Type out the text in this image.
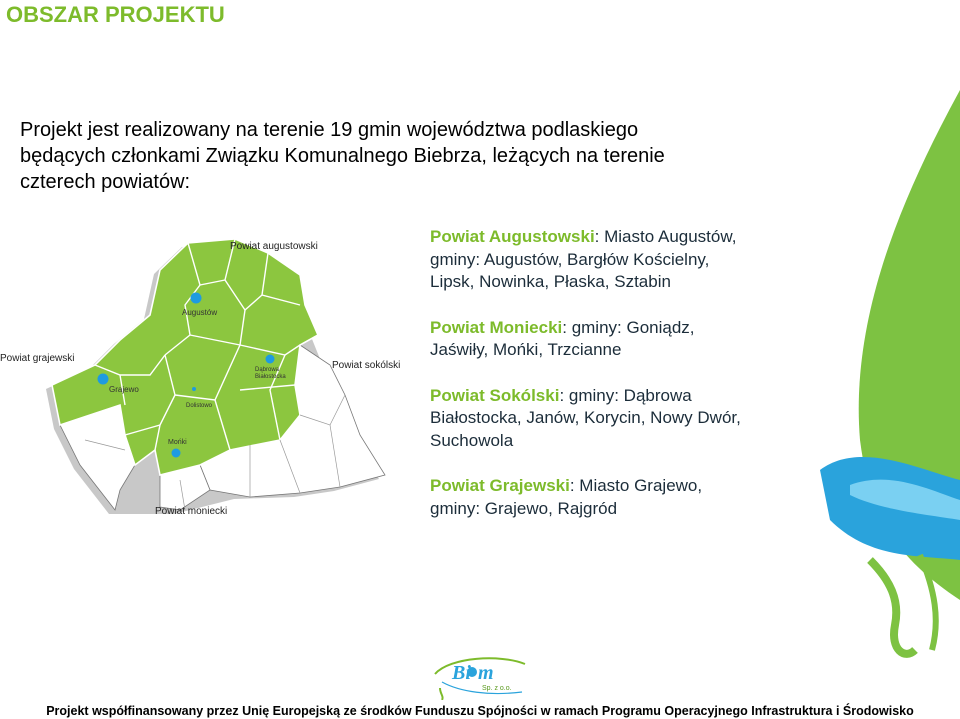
OBSZAR PROJEKTU
Projekt jest realizowany na terenie 19 gmin województwa podlaskiego
będących członkami Związku Komunalnego Biebrza, leżących na terenie
czterech powiatów:
Augustów
Grajewo
Dąbrowa
Białostocka
Dolistowo
Mońki
Powiat augustowski
Powiat grajewski
Powiat sokólski
Powiat moniecki
Powiat Augustowski: Miasto Augustów,
gminy: Augustów, Bargłów Kościelny,
Lipsk, Nowinka, Płaska, Sztabin
Powiat Moniecki: gminy: Goniądz,
Jaświły, Mońki, Trzcianne
Powiat Sokólski: gminy: Dąbrowa
Białostocka, Janów, Korycin, Nowy Dwór,
Suchowola
Powiat Grajewski: Miasto Grajewo,
gminy: Grajewo, Rajgród
Bi m
Sp. z o.o.
Projekt współfinansowany przez Unię Europejską ze środków Funduszu Spójności w ramach Programu Operacyjnego Infrastruktura i Środowisko
